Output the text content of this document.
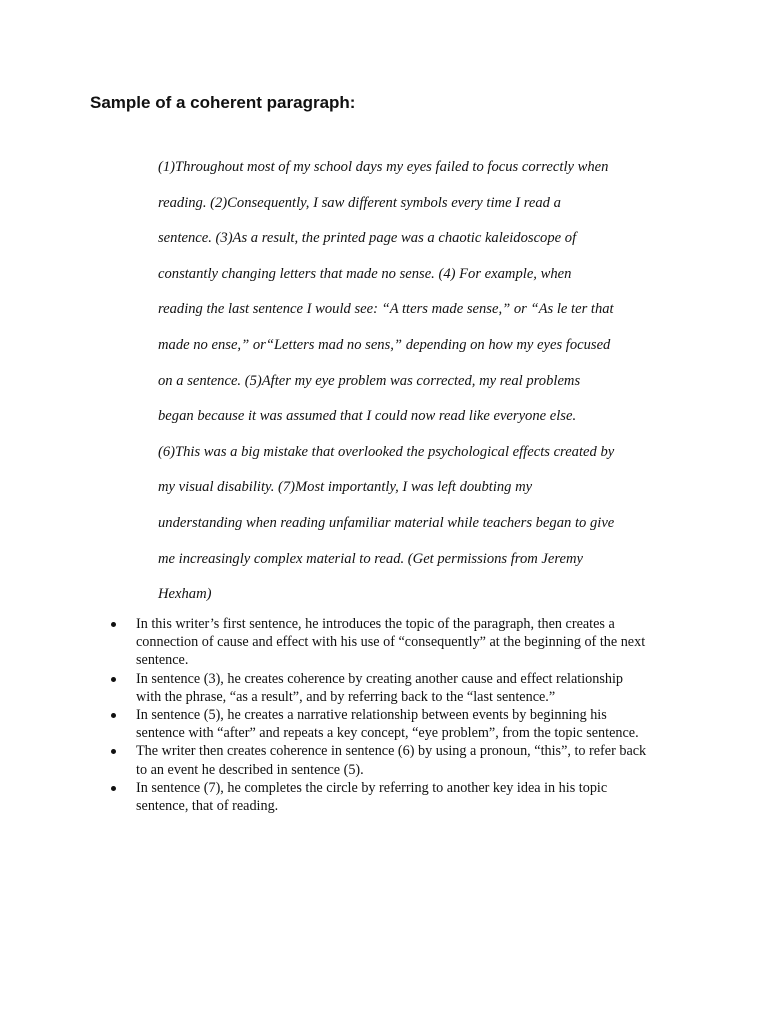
Sample of a coherent paragraph:
(1)Throughout most of my school days my eyes failed to focus correctly when
reading. (2)Consequently, I saw different symbols every time I read a
sentence. (3)As a result, the printed page was a chaotic kaleidoscope of
constantly changing letters that made no sense. (4) For example, when
reading the last sentence I would see: “A tters made sense,” or “As le ter that
made no ense,” or“Letters mad no sens,” depending on how my eyes focused
on a sentence. (5)After my eye problem was corrected, my real problems
began because it was assumed that I could now read like everyone else.
(6)This was a big mistake that overlooked the psychological effects created by
my visual disability. (7)Most importantly, I was left doubting my
understanding when reading unfamiliar material while teachers began to give
me increasingly complex material to read. (Get permissions from Jeremy
Hexham)
In this writer’s first sentence, he introduces the topic of the paragraph, then creates a
connection of cause and effect with his use of “consequently” at the beginning of the next
sentence.
In sentence (3), he creates coherence by creating another cause and effect relationship
with the phrase, “as a result”, and by referring back to the “last sentence.”
In sentence (5), he creates a narrative relationship between events by beginning his
sentence with “after” and repeats a key concept, “eye problem”, from the topic sentence.
The writer then creates coherence in sentence (6) by using a pronoun, “this”, to refer back
to an event he described in sentence (5).
In sentence (7), he completes the circle by referring to another key idea in his topic
sentence, that of reading.
